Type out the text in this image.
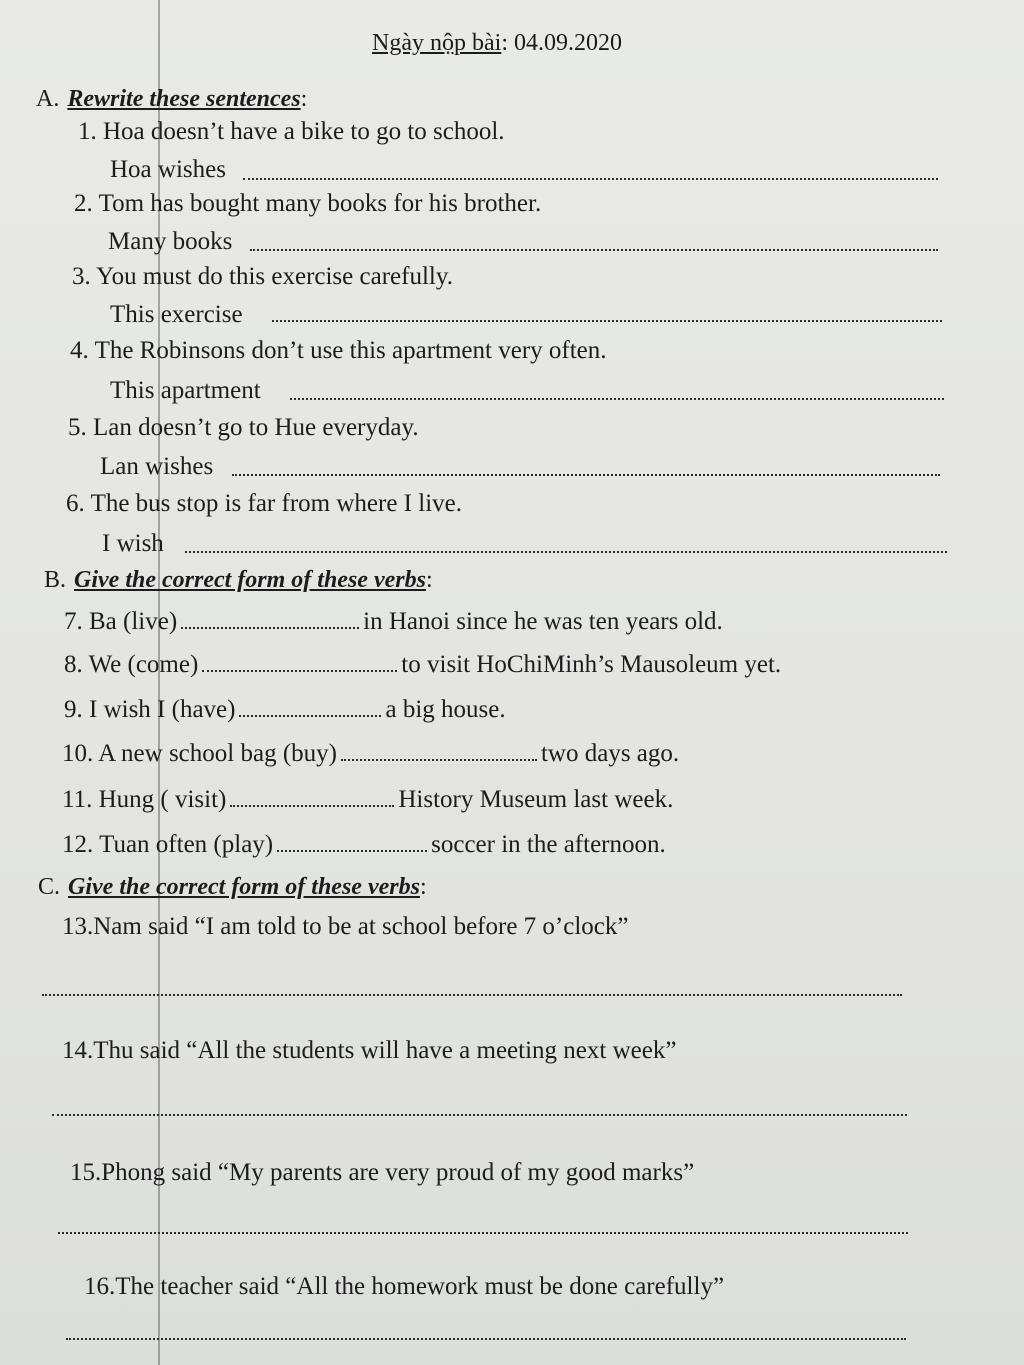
Ngày nộp bài: 04.09.2020
A. Rewrite these sentences:
1. Hoa doesn’t have a bike to go to school.
Hoa wishes
2. Tom has bought many books for his brother.
Many books
3. You must do this exercise carefully.
This exercise
4. The Robinsons don’t use this apartment very often.
This apartment
5. Lan doesn’t go to Hue everyday.
Lan wishes
6. The bus stop is far from where I live.
I wish
B. Give the correct form of these verbs:
7. Ba (live)	in Hanoi since he was ten years old.
8. We (come)	to visit HoChiMinh’s Mausoleum yet.
9. I wish I (have)	a big house.
10. A new school bag (buy)	two days ago.
11. Hung ( visit)	History Museum last week.
12. Tuan often (play)	soccer in the afternoon.
C. Give the correct form of these verbs:
13.Nam said “I am told to be at school before 7 o’clock”
14.Thu said “All the students will have a meeting next week”
15.Phong said “My parents are very proud of my good marks”
16.The teacher said “All the homework must be done carefully”
